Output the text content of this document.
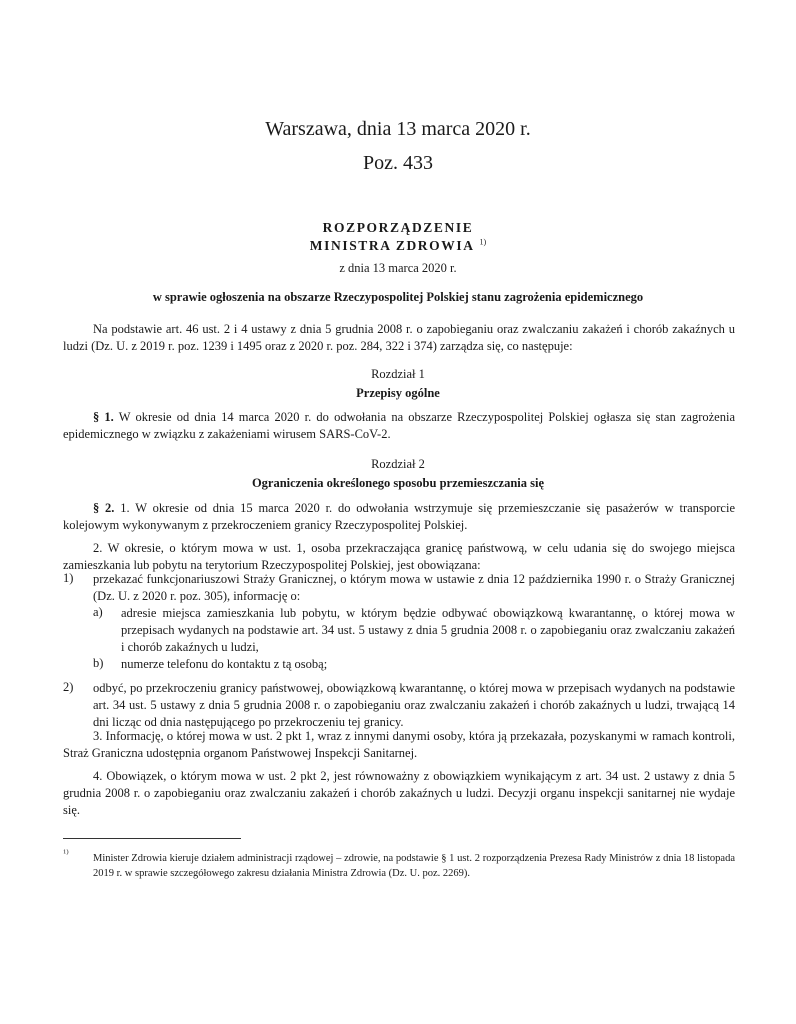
Warszawa, dnia 13 marca 2020 r.
Poz. 433
ROZPORZĄDZENIE
MINISTRA ZDROWIA $^{1)}$
z dnia 13 marca 2020 r.
w sprawie ogłoszenia na obszarze Rzeczypospolitej Polskiej stanu zagrożenia epidemicznego
Na podstawie art. 46 ust. 2 i 4 ustawy z dnia 5 grudnia 2008 r. o zapobieganiu oraz zwalczaniu zakażeń i chorób zakaźnych u ludzi (Dz. U. z 2019 r. poz. 1239 i 1495 oraz z 2020 r. poz. 284, 322 i 374) zarządza się, co następuje:
Rozdział 1
Przepisy ogólne
§ 1. W okresie od dnia 14 marca 2020 r. do odwołania na obszarze Rzeczypospolitej Polskiej ogłasza się stan zagrożenia epidemicznego w związku z zakażeniami wirusem SARS-CoV-2.
Rozdział 2
Ograniczenia określonego sposobu przemieszczania się
§ 2. 1. W okresie od dnia 15 marca 2020 r. do odwołania wstrzymuje się przemieszczanie się pasażerów w transporcie kolejowym wykonywanym z przekroczeniem granicy Rzeczypospolitej Polskiej.
2. W okresie, o którym mowa w ust. 1, osoba przekraczająca granicę państwową, w celu udania się do swojego miejsca zamieszkania lub pobytu na terytorium Rzeczypospolitej Polskiej, jest obowiązana:
1) przekazać funkcjonariuszowi Straży Granicznej, o którym mowa w ustawie z dnia 12 października 1990 r. o Straży Granicznej (Dz. U. z 2020 r. poz. 305), informację o:
a) adresie miejsca zamieszkania lub pobytu, w którym będzie odbywać obowiązkową kwarantannę, o której mowa w przepisach wydanych na podstawie art. 34 ust. 5 ustawy z dnia 5 grudnia 2008 r. o zapobieganiu oraz zwalczaniu zakażeń i chorób zakaźnych u ludzi,
b) numerze telefonu do kontaktu z tą osobą;
2) odbyć, po przekroczeniu granicy państwowej, obowiązkową kwarantannę, o której mowa w przepisach wydanych na podstawie art. 34 ust. 5 ustawy z dnia 5 grudnia 2008 r. o zapobieganiu oraz zwalczaniu zakażeń i chorób zakaźnych u ludzi, trwającą 14 dni licząc od dnia następującego po przekroczeniu tej granicy.
3. Informację, o której mowa w ust. 2 pkt 1, wraz z innymi danymi osoby, która ją przekazała, pozyskanymi w ramach kontroli, Straż Graniczna udostępnia organom Państwowej Inspekcji Sanitarnej.
4. Obowiązek, o którym mowa w ust. 2 pkt 2, jest równoważny z obowiązkiem wynikającym z art. 34 ust. 2 ustawy z dnia 5 grudnia 2008 r. o zapobieganiu oraz zwalczaniu zakażeń i chorób zakaźnych u ludzi. Decyzji organu inspekcji sanitarnej nie wydaje się.
$^{1)}$
Minister Zdrowia kieruje działem administracji rządowej – zdrowie, na podstawie § 1 ust. 2 rozporządzenia Prezesa Rady Ministrów z dnia 18 listopada 2019 r. w sprawie szczegółowego zakresu działania Ministra Zdrowia (Dz. U. poz. 2269).
